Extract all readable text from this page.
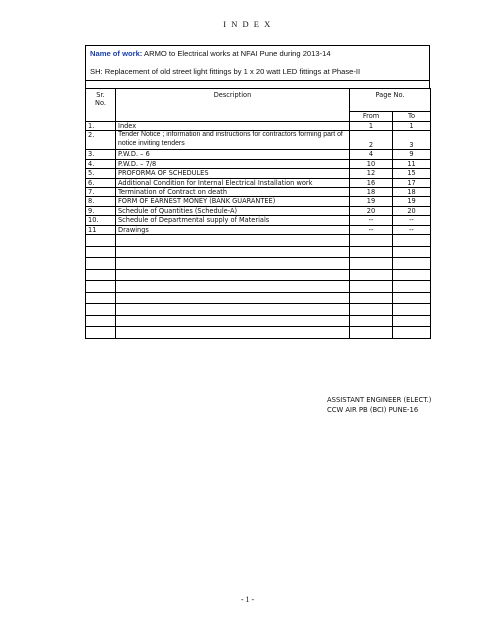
I N D E X
Name of work: ARMO to Electrical works at NFAI Pune during 2013-14
SH: Replacement of old street light fittings by 1 x 20 watt LED fittings at Phase-II
Sr.
No.	Description	Page No.	
		From	To
1.	Index	1	1
2.	Tender Notice ; information and instructions for contractors forming part of notice inviting tenders	2	3
3.	P.W.D. – 6	4	9
4.	P.W.D. – 7/8	10	11
5.	PROFORMA OF SCHEDULES	12	15
6.	Additional Condition for Internal Electrical Installation work	16	17
7.	Termination of Contract on death	18	18
8.	FORM OF EARNEST MONEY (BANK GUARANTEE)	19	19
9.	Schedule of Quantities (Schedule-A)	20	20
10.	Schedule of Departmental supply of Materials	--	--
11	Drawings	--	--

ASSISTANT ENGINEER (ELECT.)
CCW AIR PB (BCI) PUNE-16
- 1 -
